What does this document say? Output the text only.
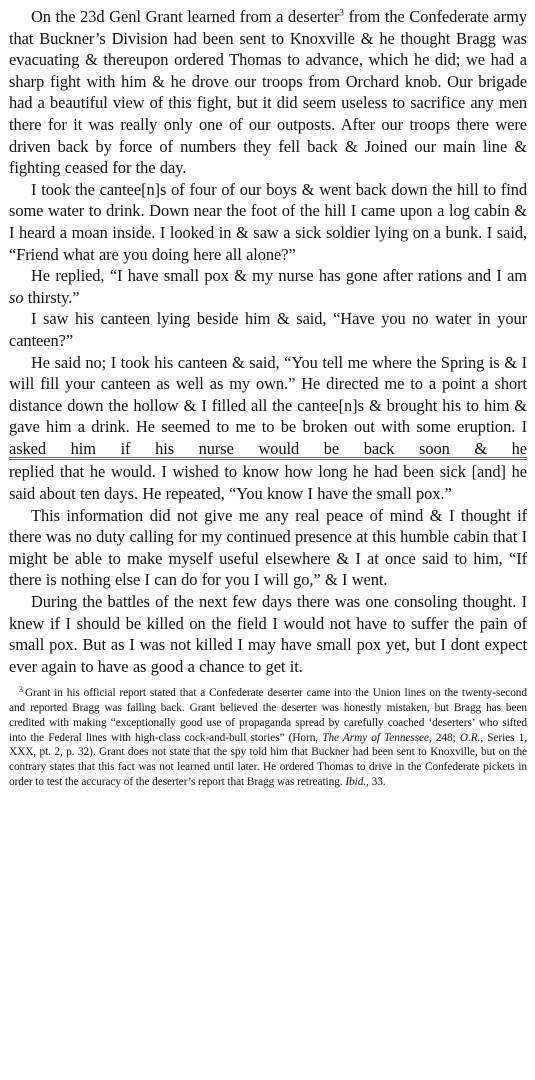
On the 23d Genl Grant learned from a deserter$^3$ from the Confederate army that Buckner’s Division had been sent to Knoxville & he thought Bragg was evacuating & thereupon ordered Thomas to advance, which he did; we had a sharp fight with him & he drove our troops from Orchard knob. Our brigade had a beautiful view of this fight, but it did seem useless to sacrifice any men there for it was really only one of our outposts. After our troops there were driven back by force of numbers they fell back & Joined our main line & fighting ceased for the day.

I took the cantee[n]s of four of our boys & went back down the hill to find some water to drink. Down near the foot of the hill I came upon a log cabin & I heard a moan inside. I looked in & saw a sick soldier lying on a bunk. I said, “Friend what are you doing here all alone?”

He replied, “I have small pox & my nurse has gone after rations and I am so thirsty.”

I saw his canteen lying beside him & said, “Have you no water in your canteen?”

He said no; I took his canteen & said, “You tell me where the Spring is & I will fill your canteen as well as my own.” He directed me to a point a short distance down the hollow & I filled all the cantee[n]s & brought his to him & gave him a drink. He seemed to me to be broken out with some eruption. I asked him if his nurse would be back soon & he

replied that he would. I wished to know how long he had been sick [and] he said about ten days. He repeated, “You know I have the small pox.”

This information did not give me any real peace of mind & I thought if there was no duty calling for my continued presence at this humble cabin that I might be able to make myself useful elsewhere & I at once said to him, “If there is nothing else I can do for you I will go,” & I went.

During the battles of the next few days there was one consoling thought. I knew if I should be killed on the field I would not have to suffer the pain of small pox. But as I was not killed I may have small pox yet, but I dont expect ever again to have as good a chance to get it.

$^3$ Grant in his official report stated that a Confederate deserter came into the Union lines on the twenty-second and reported Bragg was falling back. Grant believed the deserter was honestly mistaken, but Bragg has been credited with making “exceptionally good use of propaganda spread by carefully coached ‘deserters’ who sifted into the Federal lines with high-class cock-and-bull stories” (Horn, The Army of Tennessee, 248; O.R., Series 1, XXX, pt. 2, p. 32). Grant does not state that the spy told him that Buckner had been sent to Knoxville, but on the contrary states that this fact was not learned until later. He ordered Thomas to drive in the Confederate pickets in order to test the accuracy of the deserter’s report that Bragg was retreating. Ibid., 33.
